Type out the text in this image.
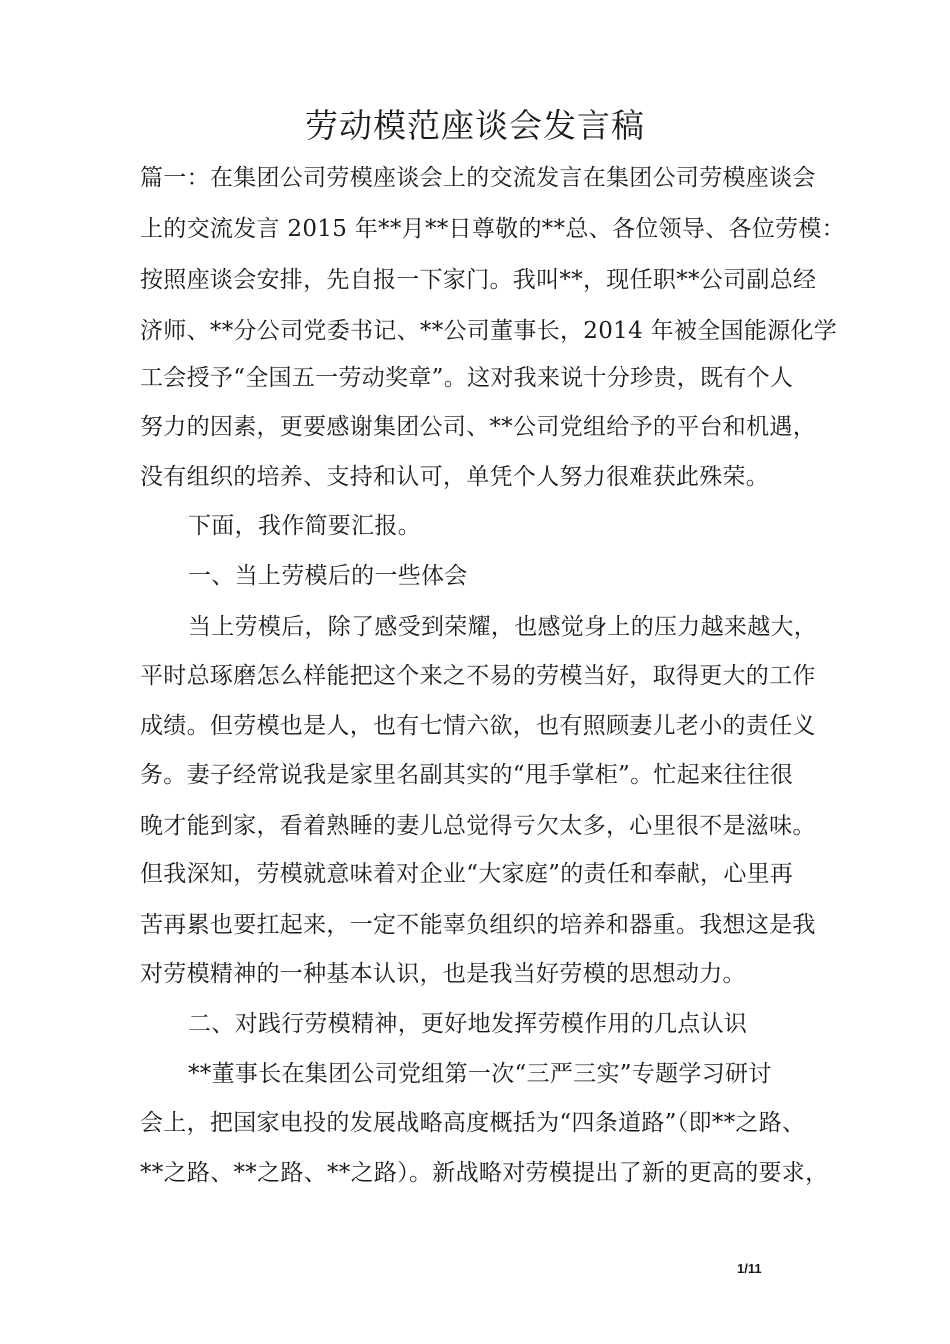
劳动模范座谈会发言稿
篇一：在集团公司劳模座谈会上的交流发言在集团公司劳模座谈会
上的交流发言 2015 年**月**日尊敬的**总、各位领导、各位劳模：
按照座谈会安排，先自报一下家门。我叫**，现任职**公司副总经
济师、**分公司党委书记、**公司董事长，2014 年被全国能源化学
工会授予“全国五一劳动奖章”。这对我来说十分珍贵，既有个人
努力的因素，更要感谢集团公司、**公司党组给予的平台和机遇，
没有组织的培养、支持和认可，单凭个人努力很难获此殊荣。
下面，我作简要汇报。
一、当上劳模后的一些体会
当上劳模后，除了感受到荣耀，也感觉身上的压力越来越大，
平时总琢磨怎么样能把这个来之不易的劳模当好，取得更大的工作
成绩。但劳模也是人，也有七情六欲，也有照顾妻儿老小的责任义
务。妻子经常说我是家里名副其实的“甩手掌柜”。忙起来往往很
晚才能到家，看着熟睡的妻儿总觉得亏欠太多，心里很不是滋味。
但我深知，劳模就意味着对企业“大家庭”的责任和奉献，心里再
苦再累也要扛起来，一定不能辜负组织的培养和器重。我想这是我
对劳模精神的一种基本认识，也是我当好劳模的思想动力。
二、对践行劳模精神，更好地发挥劳模作用的几点认识
**董事长在集团公司党组第一次“三严三实”专题学习研讨
会上，把国家电投的发展战略高度概括为“四条道路”（即**之路、
**之路、**之路、**之路）。新战略对劳模提出了新的更高的要求，
1/11
